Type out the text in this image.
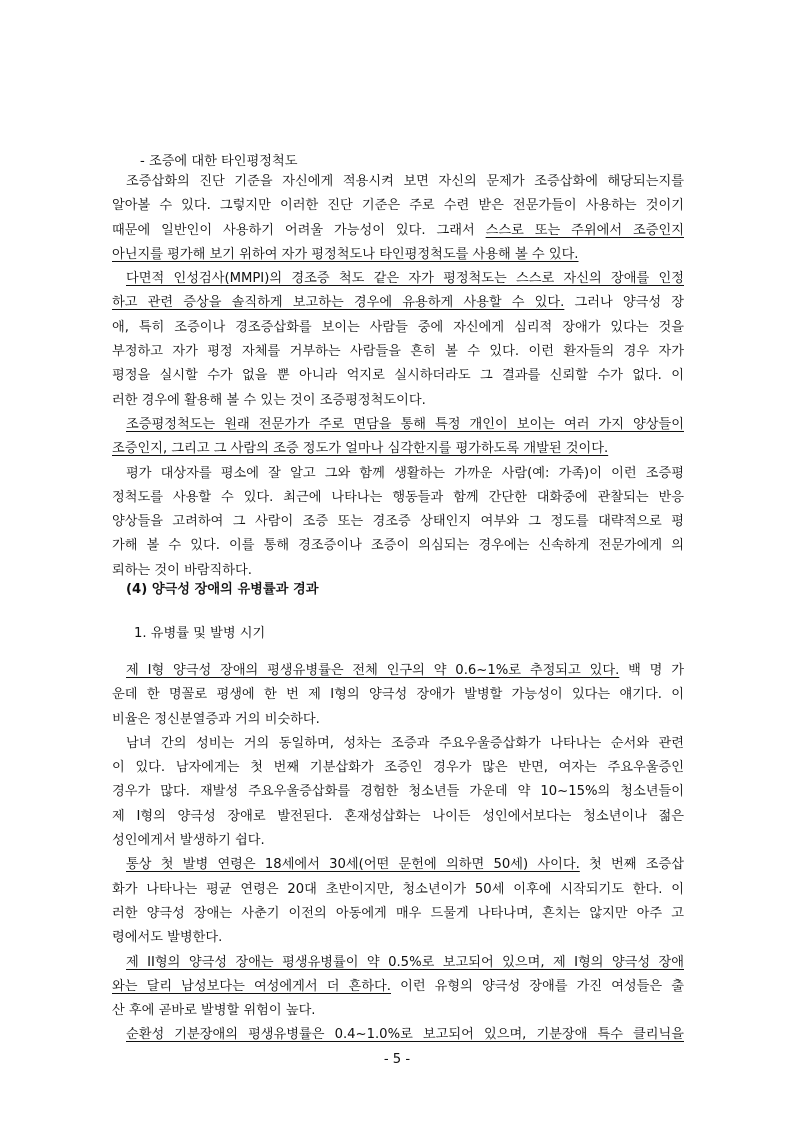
- 조증에 대한 타인평정척도
조증삽화의 진단 기준을 자신에게 적용시켜 보면 자신의 문제가 조증삽화에 해당되는지를
알아볼 수 있다. 그렇지만 이러한 진단 기준은 주로 수련 받은 전문가들이 사용하는 것이기
때문에 일반인이 사용하기 어려울 가능성이 있다. 그래서 스스로 또는 주위에서 조증인지
아닌지를 평가해 보기 위하여 자가 평정척도나 타인평정척도를 사용해 볼 수 있다.
다면적 인성검사(MMPI)의 경조증 척도 같은 자가 평정척도는 스스로 자신의 장애를 인정
하고 관련 증상을 솔직하게 보고하는 경우에 유용하게 사용할 수 있다. 그러나 양극성 장
애, 특히 조증이나 경조증삽화를 보이는 사람들 중에 자신에게 심리적 장애가 있다는 것을
부정하고 자가 평정 자체를 거부하는 사람들을 흔히 볼 수 있다. 이런 환자들의 경우 자가
평정을 실시할 수가 없을 뿐 아니라 억지로 실시하더라도 그 결과를 신뢰할 수가 없다. 이
러한 경우에 활용해 볼 수 있는 것이 조증평정척도이다.
조증평정척도는 원래 전문가가 주로 면담을 통해 특정 개인이 보이는 여러 가지 양상들이
조증인지, 그리고 그 사람의 조증 정도가 얼마나 심각한지를 평가하도록 개발된 것이다.
평가 대상자를 평소에 잘 알고 그와 함께 생활하는 가까운 사람(예: 가족)이 이런 조증평
정척도를 사용할 수 있다. 최근에 나타나는 행동들과 함께 간단한 대화중에 관찰되는 반응
양상들을 고려하여 그 사람이 조증 또는 경조증 상태인지 여부와 그 정도를 대략적으로 평
가해 볼 수 있다. 이를 통해 경조증이나 조증이 의심되는 경우에는 신속하게 전문가에게 의
뢰하는 것이 바람직하다.
(4) 양극성 장애의 유병률과 경과
1. 유병률 및 발병 시기
제 I형 양극성 장애의 평생유병률은 전체 인구의 약 0.6~1%로 추정되고 있다. 백 명 가
운데 한 명꼴로 평생에 한 번 제 I형의 양극성 장애가 발병할 가능성이 있다는 얘기다. 이
비율은 정신분열증과 거의 비슷하다.
남녀 간의 성비는 거의 동일하며, 성차는 조증과 주요우울증삽화가 나타나는 순서와 관련
이 있다. 남자에게는 첫 번째 기분삽화가 조증인 경우가 많은 반면, 여자는 주요우울증인
경우가 많다. 재발성 주요우울증삽화를 경험한 청소년들 가운데 약 10~15%의 청소년들이
제 I형의 양극성 장애로 발전된다. 혼재성삽화는 나이든 성인에서보다는 청소년이나 젊은
성인에게서 발생하기 쉽다.
통상 첫 발병 연령은 18세에서 30세(어떤 문헌에 의하면 50세) 사이다. 첫 번째 조증삽
화가 나타나는 평균 연령은 20대 초반이지만, 청소년이가 50세 이후에 시작되기도 한다. 이
러한 양극성 장애는 사춘기 이전의 아동에게 매우 드물게 나타나며, 흔치는 않지만 아주 고
령에서도 발병한다.
제 II형의 양극성 장애는 평생유병률이 약 0.5%로 보고되어 있으며, 제 I형의 양극성 장애
와는 달리 남성보다는 여성에게서 더 흔하다. 이런 유형의 양극성 장애를 가진 여성들은 출
산 후에 곧바로 발병할 위험이 높다.
순환성 기분장애의 평생유병률은 0.4~1.0%로 보고되어 있으며, 기분장애 특수 클리닉을
- 5 -
